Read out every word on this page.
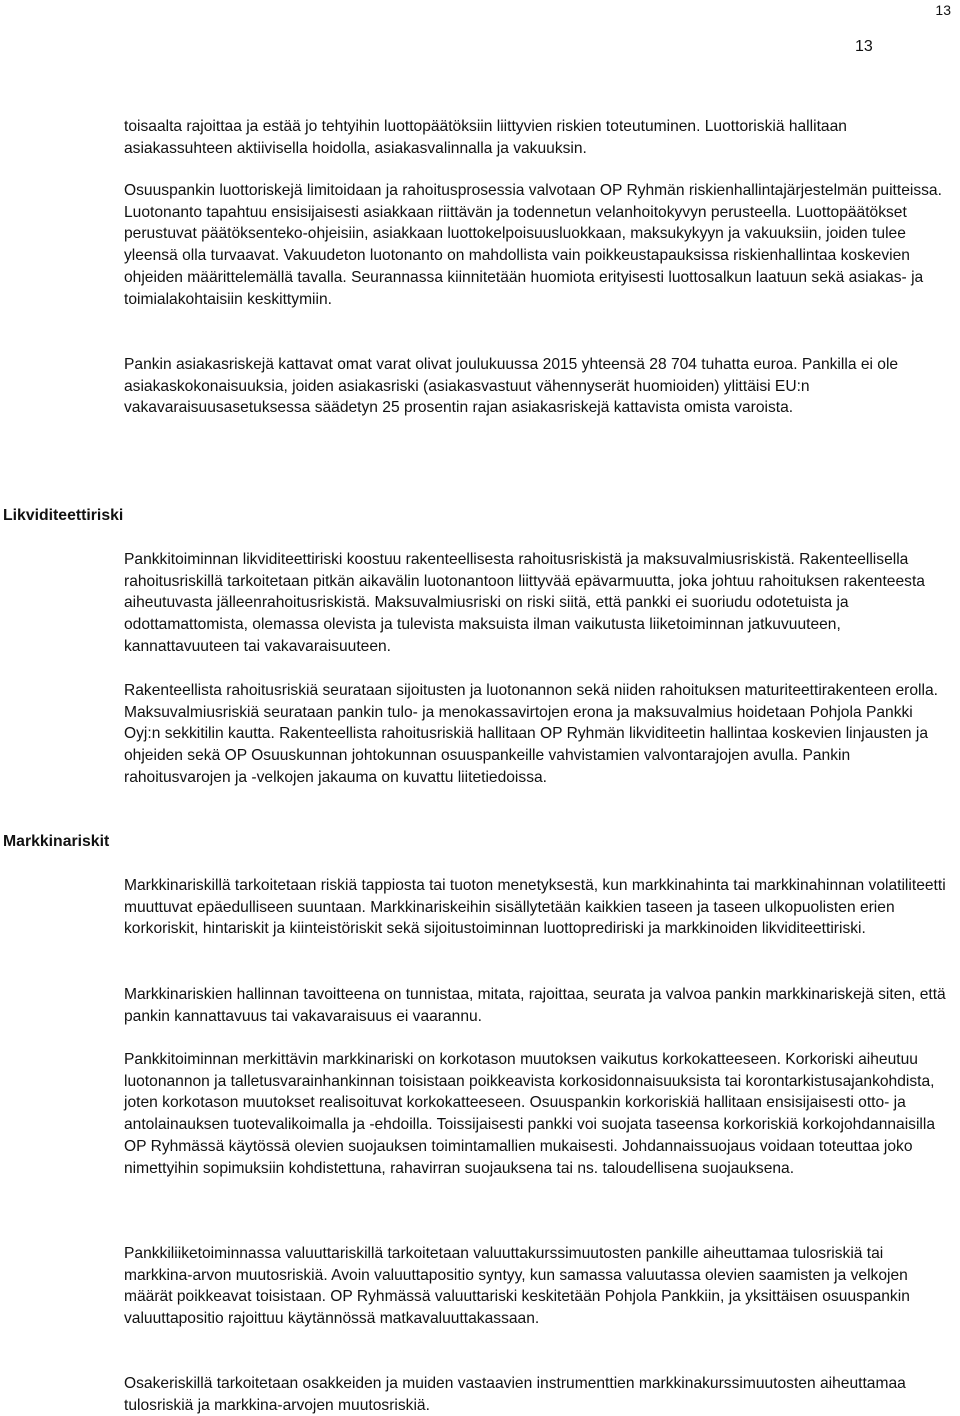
13
13

toisaalta rajoittaa ja estää jo tehtyihin luottopäätöksiin liittyvien riskien toteutuminen. Luottoriskiä hallitaan asiakassuhteen aktiivisella hoidolla, asiakasvalinnalla ja vakuuksin.

Osuuspankin luottoriskejä limitoidaan ja rahoitusprosessia valvotaan OP Ryhmän riskienhallintajärjestelmän puitteissa. Luotonanto tapahtuu ensisijaisesti asiakkaan riittävän ja todennetun velanhoitokyvyn perusteella. Luottopäätökset perustuvat päätöksenteko-ohjeisiin, asiakkaan luottokelpoisuusluokkaan, maksukykyyn ja vakuuksiin, joiden tulee yleensä olla turvaavat. Vakuudeton luotonanto on mahdollista vain poikkeustapauksissa riskienhallintaa koskevien ohjeiden määrittelemällä tavalla. Seurannassa kiinnitetään huomiota erityisesti luottosalkun laatuun sekä asiakas- ja toimialakohtaisiin keskittymiin.

Pankin asiakasriskejä kattavat omat varat olivat joulukuussa 2015 yhteensä 28 704 tuhatta euroa. Pankilla ei ole asiakaskokonaisuuksia, joiden asiakasriski (asiakasvastuut vähennyserät huomioiden) ylittäisi EU:n vakavaraisuusasetuksessa säädetyn 25 prosentin rajan asiakasriskejä kattavista omista varoista.

Likviditeettiriski

Pankkitoiminnan likviditeettiriski koostuu rakenteellisesta rahoitusriskistä ja maksuvalmiusriskistä. Rakenteellisella rahoitusriskillä tarkoitetaan pitkän aikavälin luotonantoon liittyvää epävarmuutta, joka johtuu rahoituksen rakenteesta aiheutuvasta jälleenrahoitusriskistä. Maksuvalmiusriski on riski siitä, että pankki ei suoriudu odotetuista ja odottamattomista, olemassa olevista ja tulevista maksuista ilman vaikutusta liiketoiminnan jatkuvuuteen, kannattavuuteen tai vakavaraisuuteen.

Rakenteellista rahoitusriskiä seurataan sijoitusten ja luotonannon sekä niiden rahoituksen maturiteettirakenteen erolla. Maksuvalmiusriskiä seurataan pankin tulo- ja menokassavirtojen erona ja maksuvalmius hoidetaan Pohjola Pankki Oyj:n sekkitilin kautta. Rakenteellista rahoitusriskiä hallitaan OP Ryhmän likviditeetin hallintaa koskevien linjausten ja ohjeiden sekä OP Osuuskunnan johtokunnan osuuspankeille vahvistamien valvontarajojen avulla. Pankin rahoitusvarojen ja -velkojen jakauma on kuvattu liitetiedoissa.

Markkinariskit

Markkinariskillä tarkoitetaan riskiä tappiosta tai tuoton menetyksestä, kun markkinahinta tai markkinahinnan volatiliteetti muuttuvat epäedulliseen suuntaan. Markkinariskeihin sisällytetään kaikkien taseen ja taseen ulkopuolisten erien korkoriskit, hintariskit ja kiinteistöriskit sekä sijoitustoiminnan luottoprediriski ja markkinoiden likviditeettiriski.

Markkinariskien hallinnan tavoitteena on tunnistaa, mitata, rajoittaa, seurata ja valvoa pankin markkinariskejä siten, että pankin kannattavuus tai vakavaraisuus ei vaarannu.

Pankkitoiminnan merkittävin markkinariski on korkotason muutoksen vaikutus korkokatteeseen. Korkoriski aiheutuu luotonannon ja talletusvarainhankinnan toisistaan poikkeavista korkosidonnaisuuksista tai korontarkistusajankohdista, joten korkotason muutokset realisoituvat korkokatteeseen. Osuuspankin korkoriskiä hallitaan ensisijaisesti otto- ja antolainauksen tuotevalikoimalla ja -ehdoilla. Toissijaisesti pankki voi suojata taseensa korkoriskiä korkojohdannaisilla OP Ryhmässä käytössä olevien suojauksen toimintamallien mukaisesti. Johdannaissuojaus voidaan toteuttaa joko nimettyihin sopimuksiin kohdistettuna, rahavirran suojauksena tai ns. taloudellisena suojauksena.

Pankkiliiketoiminnassa valuuttariskillä tarkoitetaan valuuttakurssimuutosten pankille aiheuttamaa tulosriskiä tai markkina-arvon muutosriskiä. Avoin valuuttapositio syntyy, kun samassa valuutassa olevien saamisten ja velkojen määrät poikkeavat toisistaan. OP Ryhmässä valuuttariski keskitetään Pohjola Pankkiin, ja yksittäisen osuuspankin valuuttapositio rajoittuu käytännössä matkavaluuttakassaan.

Osakeriskillä tarkoitetaan osakkeiden ja muiden vastaavien instrumenttien markkinakurssimuutosten aiheuttamaa tulosriskiä ja markkina-arvojen muutosriskiä.
